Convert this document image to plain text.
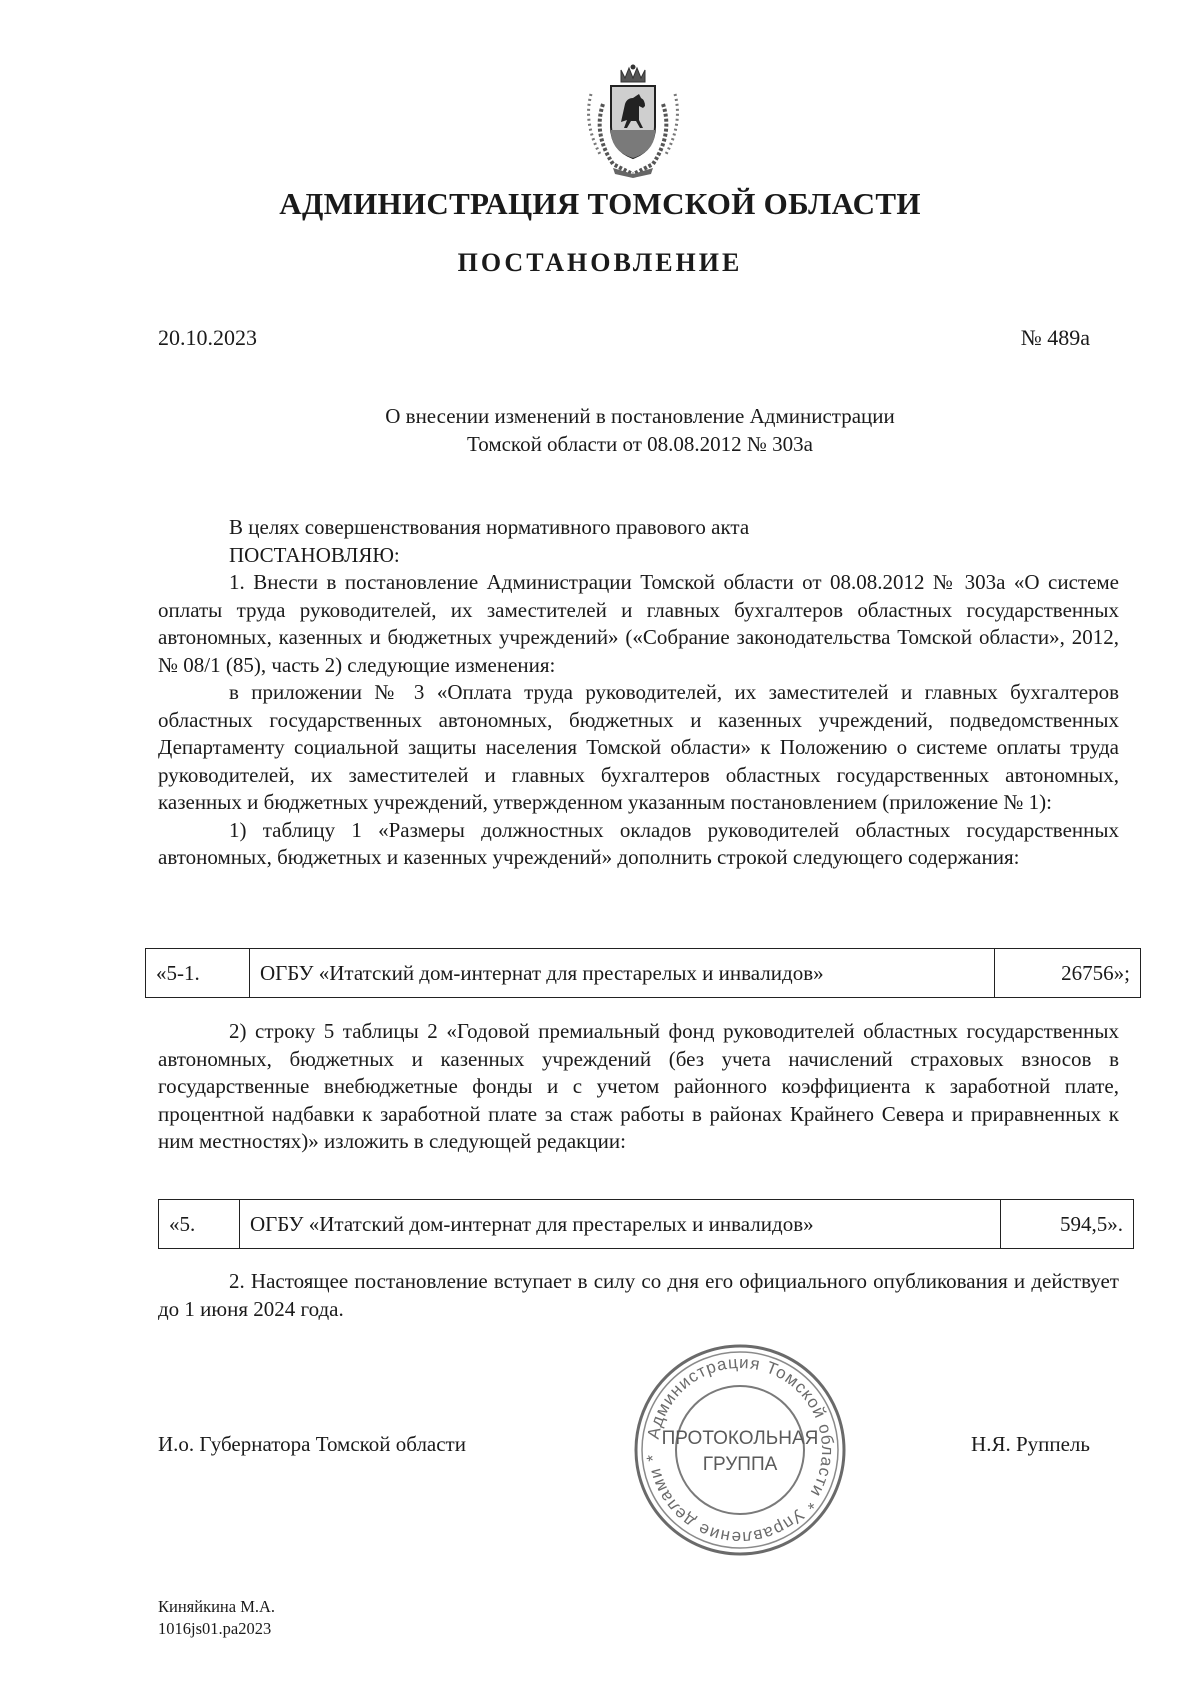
АДМИНИСТРАЦИЯ ТОМСКОЙ ОБЛАСТИ
ПОСТАНОВЛЕНИЕ
20.10.2023	№ 489а
О внесении изменений в постановление Администрации
Томской области от 08.08.2012 № 303а

В целях совершенствования нормативного правового акта

ПОСТАНОВЛЯЮ:

1. Внести в постановление Администрации Томской области от 08.08.2012 № 303а «О системе оплаты труда руководителей, их заместителей и главных бухгалтеров областных государственных автономных, казенных и бюджетных учреждений» («Собрание законодательства Томской области», 2012, № 08/1 (85), часть 2) следующие изменения:

в приложении № 3 «Оплата труда руководителей, их заместителей и главных бухгалтеров областных государственных автономных, бюджетных и казенных учреждений, подведомственных Департаменту социальной защиты населения Томской области» к Положению о системе оплаты труда руководителей, их заместителей и главных бухгалтеров областных государственных автономных, казенных и бюджетных учреждений, утвержденном указанным постановлением (приложение № 1):

1) таблицу 1 «Размеры должностных окладов руководителей областных государственных автономных, бюджетных и казенных учреждений» дополнить строкой следующего содержания:

«5-1.	ОГБУ «Итатский дом-интернат для престарелых и инвалидов»	26756»;

2) строку 5 таблицы 2 «Годовой премиальный фонд руководителей областных государственных автономных, бюджетных и казенных учреждений (без учета начислений страховых взносов в государственные внебюджетные фонды и с учетом районного коэффициента к заработной плате, процентной надбавки к заработной плате за стаж работы в районах Крайнего Севера и приравненных к ним местностях)» изложить в следующей редакции:

«5.	ОГБУ «Итатский дом-интернат для престарелых и инвалидов»	594,5».

2. Настоящее постановление вступает в силу со дня его официального опубликования и действует до 1 июня 2024 года.

Администрация Томской области * Управление делами *
ПРОТОКОЛЬНАЯ
ГРУППА
И.о. Губернатора Томской области	Н.Я. Руппель
Киняйкина М.А.
1016js01.ра2023
